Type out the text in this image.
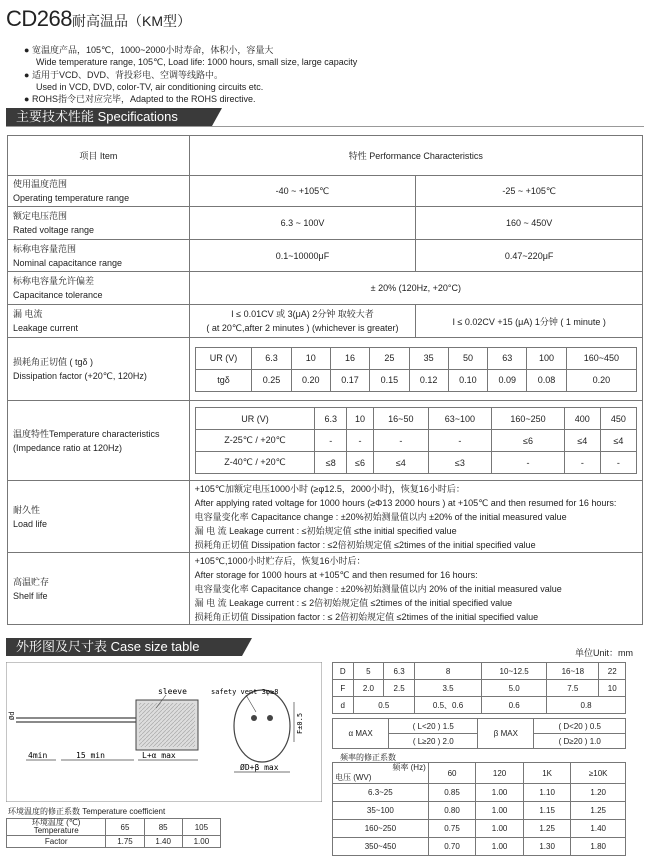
CD268耐高温品（KM型）
● 宽温度产品，105℃，1000~2000小时寿命，体积小，容量大
Wide temperature range, 105℃, Load life: 1000 hours, small size, large capacity
● 适用于VCD、DVD、背投彩电、空调等线路中。
Used in VCD, DVD, color-TV, air conditioning circuits etc.
● ROHS指令已对应完毕，Adapted to the ROHS directive.
主要技术性能 Specifications
项目 Item	特性 Performance Characteristics

使用温度范围
Operating temperature range
	-40 ~ +105℃	-25 ~ +105℃

额定电压范围
Rated voltage range
	6.3 ~ 100V	160 ~ 450V

标称电容量范围
Nominal capacitance range
	0.1~10000μF	0.47~220μF

标称电容量允许偏差
Capacitance tolerance
	± 20% (120Hz, +20°C)

漏 电流
Leakage current

I ≤ 0.01CV 或 3(μA) 2分钟 取较大者
( at 20℃,after 2 minutes ) (whichever is greater)
	I ≤ 0.02CV +15 (μA) 1分钟 ( 1 minute )

损耗角正切值 ( tgδ )
Dissipation factor (+20℃, 120Hz)

UR (V)	6.3	10	16	25	35	50	63	100	160~450
tgδ	0.25	0.20	0.17	0.15	0.12	0.10	0.09	0.08	0.20

温度特性Temperature characteristics
(Impedance ratio at 120Hz)

UR (V)	6.3	10	16~50	63~100	160~250	400	450
Z-25℃ / +20℃	-	-	-	-	≤6	≤4	≤4
Z-40℃ / +20℃	≤8	≤6	≤4	≤3	-	-	-

耐久性
Load life

+105℃加额定电压1000小时 (≥φ12.5，2000小时)，恢复16小时后：
After applying rated voltage for 1000 hours (≥Φ13 2000 hours ) at +105℃ and then resumed for 16 hours:
电容量变化率 Capacitance change : ±20%初始测量值以内 ±20% of the initial measured value
漏 电 流 Leakage current : ≤初始规定值 ≤the initial specified value
损耗角正切值 Dissipation factor : ≤2倍初始规定值 ≤2times of the initial specified value

高温贮存
Shelf life

+105℃,1000小时贮存后，恢复16小时后：
After storage for 1000 hours at +105℃ and then resumed for 16 hours:
电容量变化率 Capacitance change : ±20%初始测量值以内 20% of the initial measured value
漏 电 流 Leakage current : ≤ 2倍初始规定值 ≤2times of the initial specified value
损耗角正切值 Dissipation factor : ≤ 2倍初始规定值 ≤2times of the initial specified value
外形图及尺寸表 Case size table	单位Unit：mm
sleeve	safety vent 3φ≥8
4min	15 min	L+α max
ØD+β max
F±0.5
Ød
D	5	6.3	8	10~12.5	16~18	22
F	2.0	2.5	3.5	5.0	7.5	10
d	0.5		0.5、0.6	0.6	0.8	
α MAX	( L<20 ) 1.5	β MAX	( D<20 ) 0.5
	( L≥20 ) 2.0		( D≥20 ) 1.0
频率的修正系数
频率 (Hz)
电压 (WV)	60	120	1K	≥10K
6.3~25	0.85	1.00	1.10	1.20
35~100	0.80	1.00	1.15	1.25
160~250	0.75	1.00	1.25	1.40
350~450	0.70	1.00	1.30	1.80
环境温度的修正系数 Temperature coefficient
环境温度 (℃)
Temperature	65	85	105
Factor	1.75	1.40	1.00
